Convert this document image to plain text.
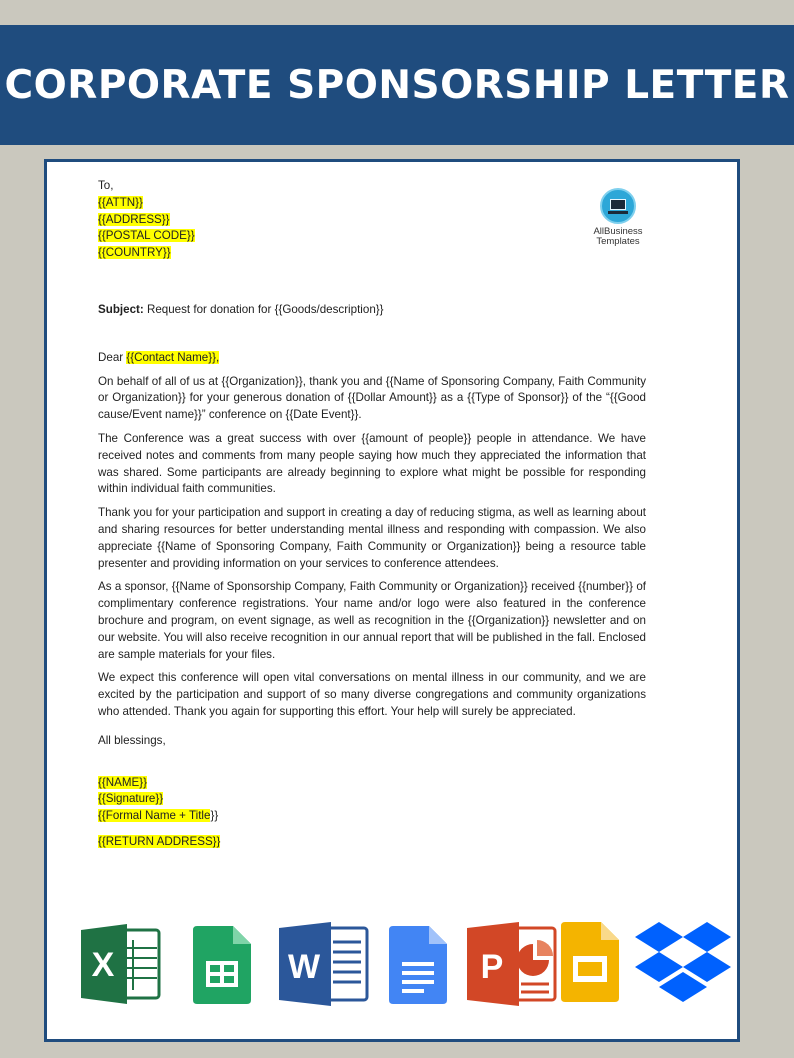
CORPORATE SPONSORSHIP LETTER
AllBusiness
Templates
To,
{{ATTN}}
{{ADDRESS}}
{{POSTAL CODE}}
{{COUNTRY}}
Subject: Request for donation for {{Goods/description}}

Dear {{Contact Name}},

On behalf of all of us at {{Organization}}, thank you and {{Name of Sponsoring Company, Faith Community or Organization}} for your generous donation of {{Dollar Amount}} as a {{Type of Sponsor}} of the “{{Good cause/Event name}}” conference on {{Date Event}}.

The Conference was a great success with over {{amount of people}} people in attendance. We have received notes and comments from many people saying how much they appreciated the information that was shared. Some participants are already beginning to explore what might be possible for responding within individual faith communities.

Thank you for your participation and support in creating a day of reducing stigma, as well as learning about and sharing resources for better understanding mental illness and responding with compassion. We also appreciate {{Name of Sponsoring Company, Faith Community or Organization}} being a resource table presenter and providing information on your services to conference attendees.

As a sponsor, {{Name of Sponsorship Company, Faith Community or Organization}} received {{number}} of complimentary conference registrations. Your name and/or logo were also featured in the conference brochure and program, on event signage, as well as recognition in the {{Organization}} newsletter and on our website. You will also receive recognition in our annual report that will be published in the fall. Enclosed are sample materials for your files.

We expect this conference will open vital conversations on mental illness in our community, and we are excited by the participation and support of so many diverse congregations and community organizations who attended. Thank you again for supporting this effort. Your help will surely be appreciated.

All blessings,
{{NAME}}
{{Signature}}
{{Formal Name + Title}}
{{RETURN ADDRESS}}
X	W	P
